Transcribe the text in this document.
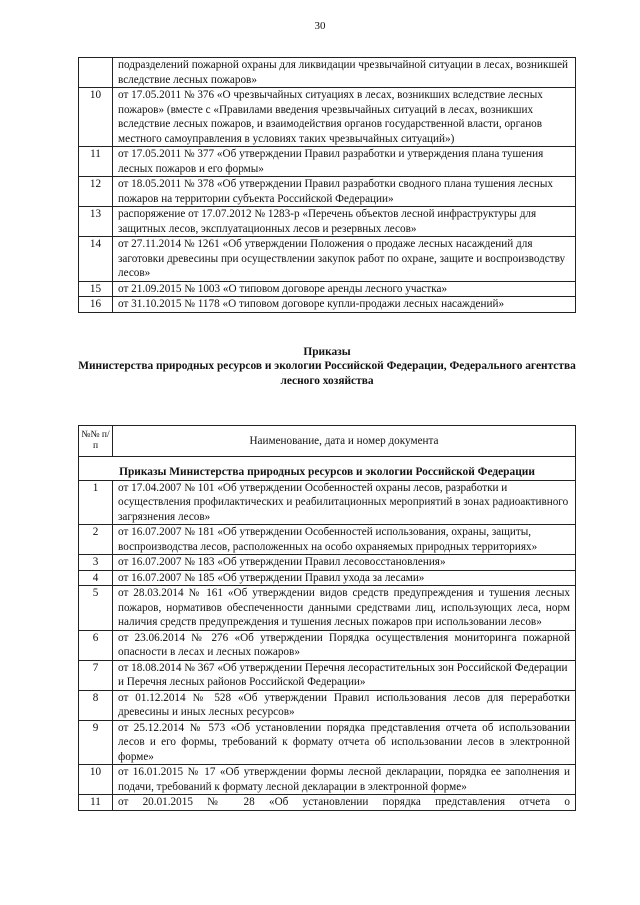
30
	подразделений пожарной охраны для ликвидации чрезвычайной ситуации в лесах, возникшей вследствие лесных пожаров»
10	от 17.05.2011 № 376 «О чрезвычайных ситуациях в лесах, возникших вследствие лесных пожаров» (вместе с «Правилами введения чрезвычайных ситуаций в лесах, возникших вследствие лесных пожаров, и взаимодействия органов государственной власти, органов местного самоуправления в условиях таких чрезвычайных ситуаций»)
11	от 17.05.2011 № 377 «Об утверждении Правил разработки и утверждения плана тушения лесных пожаров и его формы»
12	от 18.05.2011 № 378 «Об утверждении Правил разработки сводного плана тушения лесных пожаров на территории субъекта Российской Федерации»
13	распоряжение от 17.07.2012 № 1283-р «Перечень объектов лесной инфраструктуры для защитных лесов, эксплуатационных лесов и резервных лесов»
14	от 27.11.2014 № 1261 «Об утверждении Положения о продаже лесных насаждений для заготовки древесины при осуществлении закупок работ по охране, защите и воспроизводству лесов»
15	от 21.09.2015 № 1003 «О типовом договоре аренды лесного участка»
16	от 31.10.2015 № 1178 «О типовом договоре купли-продажи лесных насаждений»
Приказы
Министерства природных ресурсов и экологии Российской Федерации, Федерального агентства лесного хозяйства
№№ п/п	Наименование, дата и номер документа
Приказы Министерства природных ресурсов и экологии Российской Федерации	
1	от 17.04.2007 № 101 «Об утверждении Особенностей охраны лесов, разработки и осуществления профилактических и реабилитационных мероприятий в зонах радиоактивного загрязнения лесов»
2	от 16.07.2007 № 181 «Об утверждении Особенностей использования, охраны, защиты, воспроизводства лесов, расположенных на особо охраняемых природных территориях»
3	от 16.07.2007 № 183 «Об утверждении Правил лесовосстановления»
4	от 16.07.2007 № 185 «Об утверждении Правил ухода за лесами»
5	от 28.03.2014 № 161 «Об утверждении видов средств предупреждения и тушения лесных пожаров, нормативов обеспеченности данными средствами лиц, использующих леса, норм наличия средств предупреждения и тушения лесных пожаров при использовании лесов»
6	от 23.06.2014 № 276 «Об утверждении Порядка осуществления мониторинга пожарной опасности в лесах и лесных пожаров»
7	от 18.08.2014 № 367 «Об утверждении Перечня лесорастительных зон Российской Федерации и Перечня лесных районов Российской Федерации»
8	от 01.12.2014 № 528 «Об утверждении Правил использования лесов для переработки древесины и иных лесных ресурсов»
9	от 25.12.2014 № 573 «Об установлении порядка представления отчета об использовании лесов и его формы, требований к формату отчета об использовании лесов в электронной форме»
10	от 16.01.2015 № 17 «Об утверждении формы лесной декларации, порядка ее заполнения и подачи, требований к формату лесной декларации в электронной форме»
11	от 20.01.2015 № 28 «Об установлении порядка представления отчета о
